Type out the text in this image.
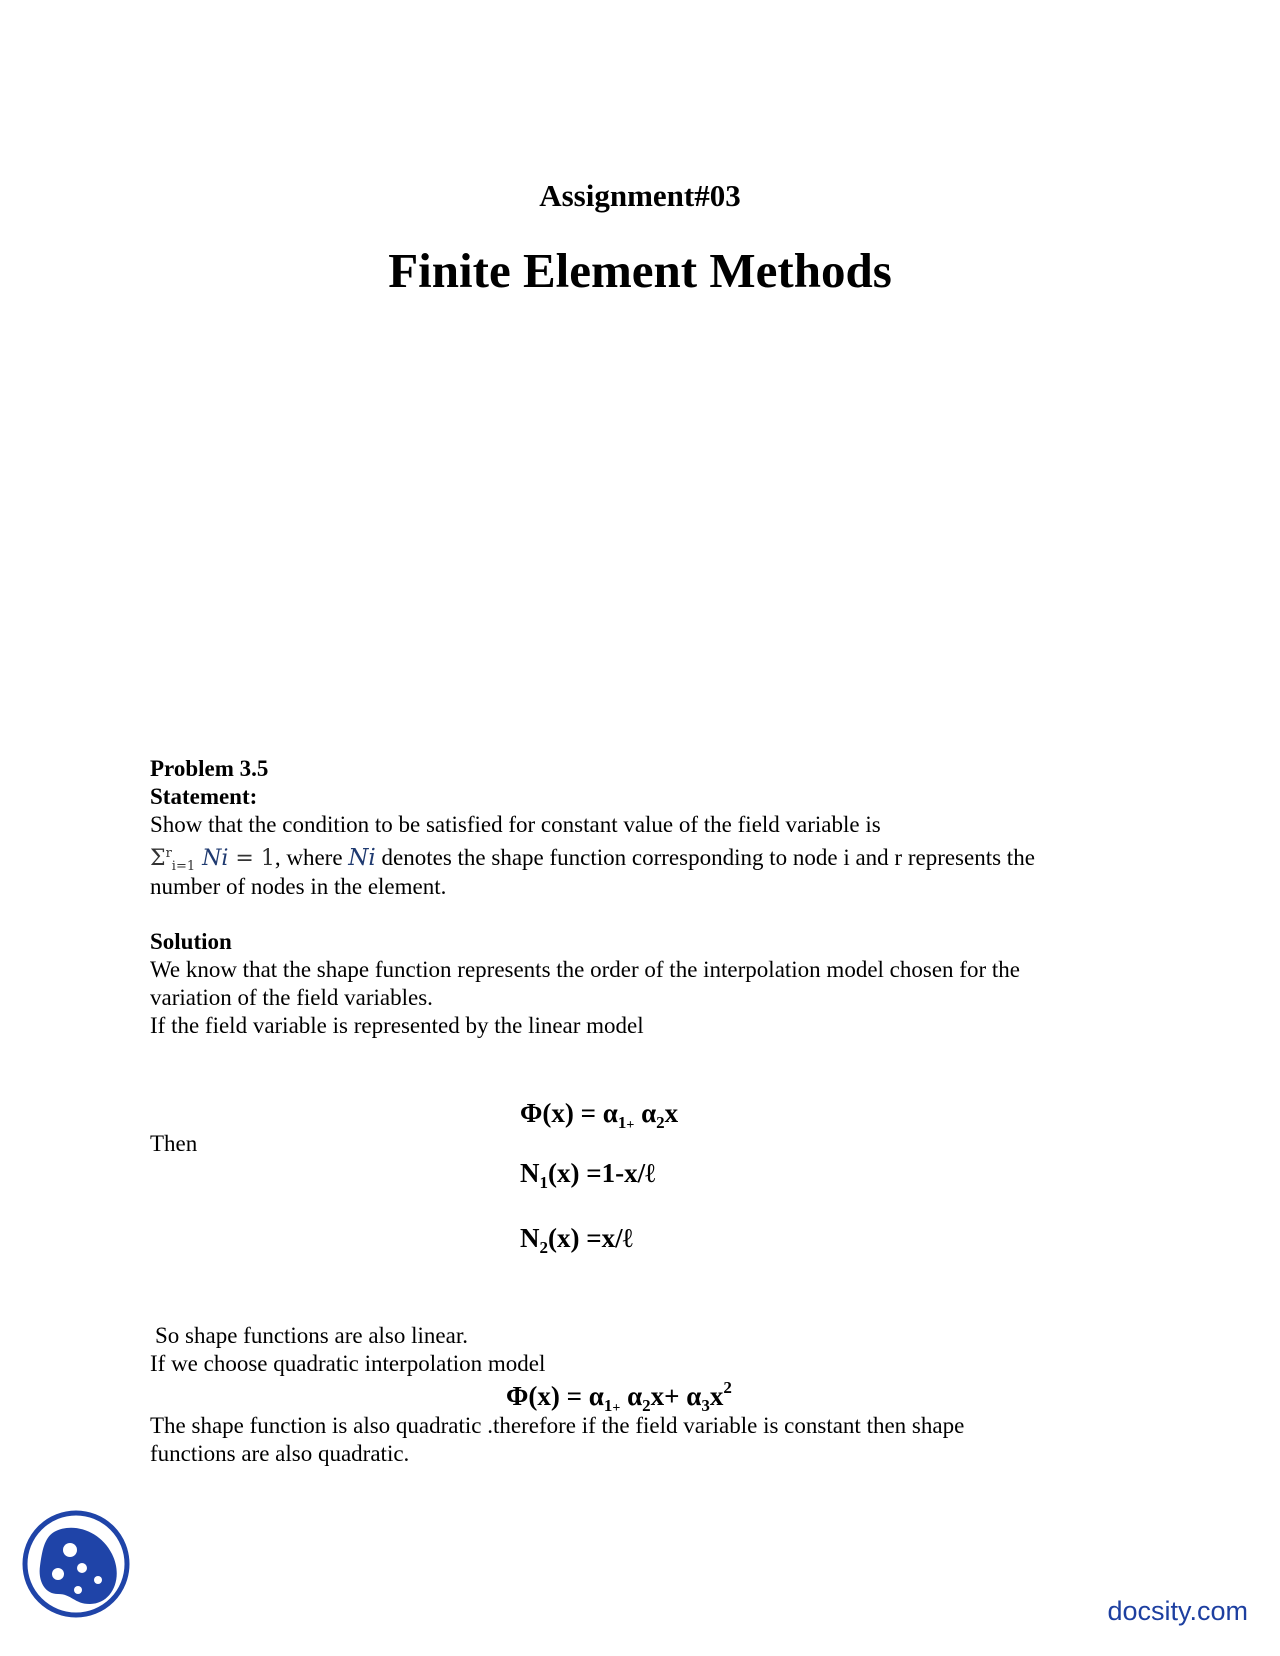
Assignment#03
Finite Element Methods
Problem 3.5
Statement:
Show that the condition to be satisfied for constant value of the field variable is
$\Sigma^r_{i=1}$ Ni = 1, where Ni denotes the shape function corresponding to node i and r represents the
number of nodes in the element.
Solution
We know that the shape function represents the order of the interpolation model chosen for the
variation of the field variables.
If the field variable is represented by the linear model
$\Phi(x) = \alpha_{1+}$ $\alpha_2x$
Then
$N_1(x)$ =1-x/ℓ
$N_2(x)$ =x/ℓ
So shape functions are also linear.
If we choose quadratic interpolation model
$\Phi(x) = \alpha_{1+}$ $\alpha_2x+ \alpha_3x^2$
The shape function is also quadratic .therefore if the field variable is constant then shape
functions are also quadratic.
docsity.com
